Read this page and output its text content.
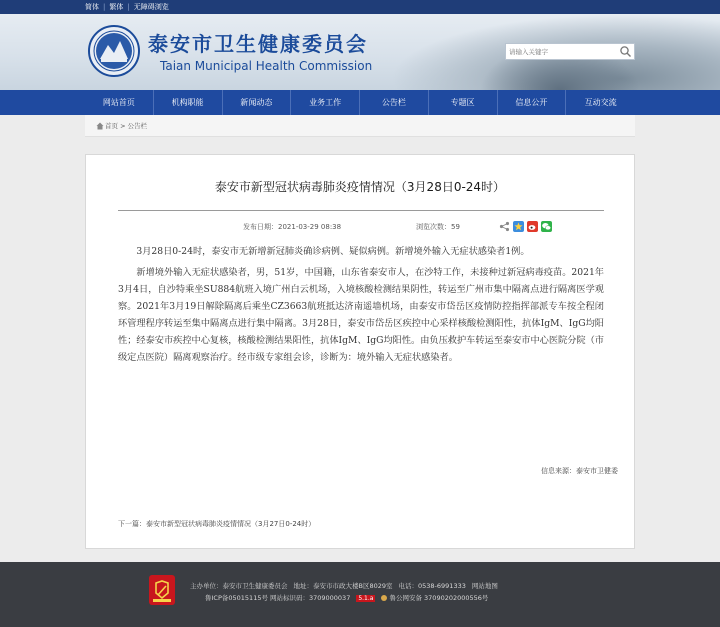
简体 | 繁体 | 无障碍浏览
泰安市卫生健康委员会
Taian Municipal Health Commission
请输入关键字
网站首页	机构职能	新闻动态	业务工作	公告栏	专题区	信息公开	互动交流
首页 > 公告栏
泰安市新型冠状病毒肺炎疫情情况（3月28日0-24时）
发布日期：2021-03-29 08:38	浏览次数：59

3月28日0-24时，泰安市无新增新冠肺炎确诊病例、疑似病例。新增境外输入无症状感染者1例。

新增境外输入无症状感染者，男，51岁，中国籍，山东省泰安市人，在沙特工作，未接种过新冠病毒疫苗。2021年3月4日，自沙特乘坐SU884航班入境广州白云机场，入境核酸检测结果阴性，转运至广州市集中隔离点进行隔离医学观察。2021年3月19日解除隔离后乘坐CZ3663航班抵达济南遥墙机场，由泰安市岱岳区疫情防控指挥部派专车按全程闭环管理程序转运至集中隔离点进行集中隔离。3月28日，泰安市岱岳区疾控中心采样核酸检测阳性，抗体IgM、IgG均阳性；经泰安市疾控中心复核，核酸检测结果阳性，抗体IgM、IgG均阳性。由负压救护车转运至泰安市中心医院分院（市级定点医院）隔离观察治疗。经市级专家组会诊，诊断为：境外输入无症状感染者。

信息来源：泰安市卫健委
下一篇：泰安市新型冠状病毒肺炎疫情情况（3月27日0-24时）
主办单位：泰安市卫生健康委员会 地址：泰安市市政大楼B区8029室 电话：0538-6991333 网站地图
鲁ICP备05015115号 网站标识码：3709000037 5.1.a 鲁公网安备 37090202000556号
